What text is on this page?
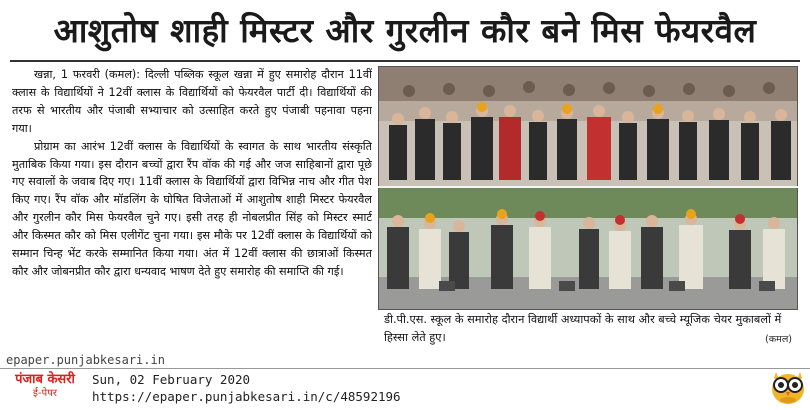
आशुतोष शाही मिस्टर और गुरलीन कौर बने मिस फेयरवैल

खन्ना, 1 फरवरी (कमल): दिल्ली पब्लिक स्कूल खन्ना में हुए समारोह दौरान 11वीं क्लास के विद्यार्थियों ने 12वीं क्लास के विद्यार्थियों को फेयरवैल पार्टी दी। विद्यार्थियों की तरफ से भारतीय और पंजाबी सभ्याचार को उत्साहित करते हुए पंजाबी पहनावा पहना गया।

प्रोग्राम का आरंभ 12वीं क्लास के विद्यार्थियों के स्वागत के साथ भारतीय संस्कृति मुताबिक किया गया। इस दौरान बच्चों द्वारा रैंप वॉक की गई और जज साहिबानों द्वारा पूछे गए सवालों के जवाब दिए गए। 11वीं क्लास के विद्यार्थियों द्वारा विभिन्न नाच और गीत पेश किए गए। रैंप वॉक और मॉडलिंग के घोषित विजेताओं में आशुतोष शाही मिस्टर फेयरवैल और गुरलीन कौर मिस फेयरवैल चुने गए। इसी तरह ही नोबलप्रीत सिंह को मिस्टर स्मार्ट और किस्मत कौर को मिस एलीगेंट चुना गया। इस मौके पर 12वीं क्लास के विद्यार्थियों को सम्मान चिन्ह भेंट करके सम्मानित किया गया। अंत में 12वीं क्लास की छात्राओं किस्मत कौर और जोबनप्रीत कौर द्वारा धन्यवाद भाषण देते हुए समारोह की समाप्ति की गई।

डी.पी.एस. स्कूल के समारोह दौरान विद्यार्थी अध्यापकों के साथ और बच्चे म्यूजिक चेयर मुकाबलों में हिस्सा लेते हुए।	(कमल)
epaper.punjabkesari.in
पंजाब केसरी
ई-पेपर
Sun, 02 February 2020
https://epaper.punjabkesari.in/c/48592196
